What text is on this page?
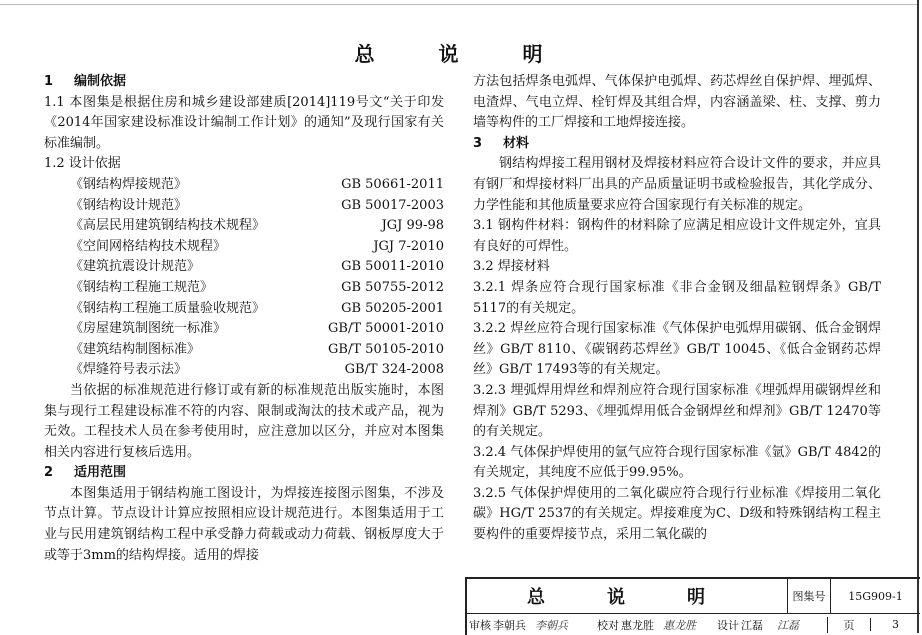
总　说　明

1 编制依据

1.1 本图集是根据住房和城乡建设部建质[2014]119号文“关于印发《2014年国家建设标准设计编制工作计划》的通知”及现行国家有关标准编制。

1.2 设计依据

《钢结构焊接规范》	GB 50661-2011

《钢结构设计规范》	GB 50017-2003

《高层民用建筑钢结构技术规程》	JGJ 99-98

《空间网格结构技术规程》	JGJ 7-2010

《建筑抗震设计规范》	GB 50011-2010

《钢结构工程施工规范》	GB 50755-2012

《钢结构工程施工质量验收规范》	GB 50205-2001

《房屋建筑制图统一标准》	GB/T 50001-2010

《建筑结构制图标准》	GB/T 50105-2010

《焊缝符号表示法》	GB/T 324-2008

当依据的标准规范进行修订或有新的标准规范出版实施时，本图集与现行工程建设标准不符的内容、限制或淘汰的技术或产品，视为无效。工程技术人员在参考使用时，应注意加以区分，并应对本图集相关内容进行复核后选用。

2 适用范围

本图集适用于钢结构施工图设计，为焊接连接图示图集，不涉及节点计算。节点设计计算应按照相应设计规范进行。本图集适用于工业与民用建筑钢结构工程中承受静力荷载或动力荷载、钢板厚度大于或等于3mm的结构焊接。适用的焊接

方法包括焊条电弧焊、气体保护电弧焊、药芯焊丝自保护焊、埋弧焊、电渣焊、气电立焊、栓钉焊及其组合焊，内容涵盖梁、柱、支撑、剪力墙等构件的工厂焊接和工地焊接连接。

3 材料

钢结构焊接工程用钢材及焊接材料应符合设计文件的要求，并应具有钢厂和焊接材料厂出具的产品质量证明书或检验报告，其化学成分、力学性能和其他质量要求应符合国家现行有关标准的规定。

3.1 钢构件材料：钢构件的材料除了应满足相应设计文件规定外，宜具有良好的可焊性。

3.2 焊接材料

3.2.1 焊条应符合现行国家标准《非合金钢及细晶粒钢焊条》GB/T 5117的有关规定。

3.2.2 焊丝应符合现行国家标准《气体保护电弧焊用碳钢、低合金钢焊丝》GB/T 8110、《碳钢药芯焊丝》GB/T 10045、《低合金钢药芯焊丝》GB/T 17493等的有关规定。

3.2.3 埋弧焊用焊丝和焊剂应符合现行国家标准《埋弧焊用碳钢焊丝和焊剂》GB/T 5293、《埋弧焊用低合金钢焊丝和焊剂》GB/T 12470等的有关规定。

3.2.4 气体保护焊使用的氩气应符合现行国家标准《氩》GB/T 4842的有关规定，其纯度不应低于99.95%。

3.2.5 气体保护焊使用的二氧化碳应符合现行行业标准《焊接用二氧化碳》HG/T 2537的有关规定。焊接难度为C、D级和特殊钢结构工程主要构件的重要焊接节点，采用二氧化碳的

总　说　明	图集号	15G909-1
审核 李朝兵 李朝兵	校对 惠龙胜 惠龙胜	设计 江磊	江磊	页	3
